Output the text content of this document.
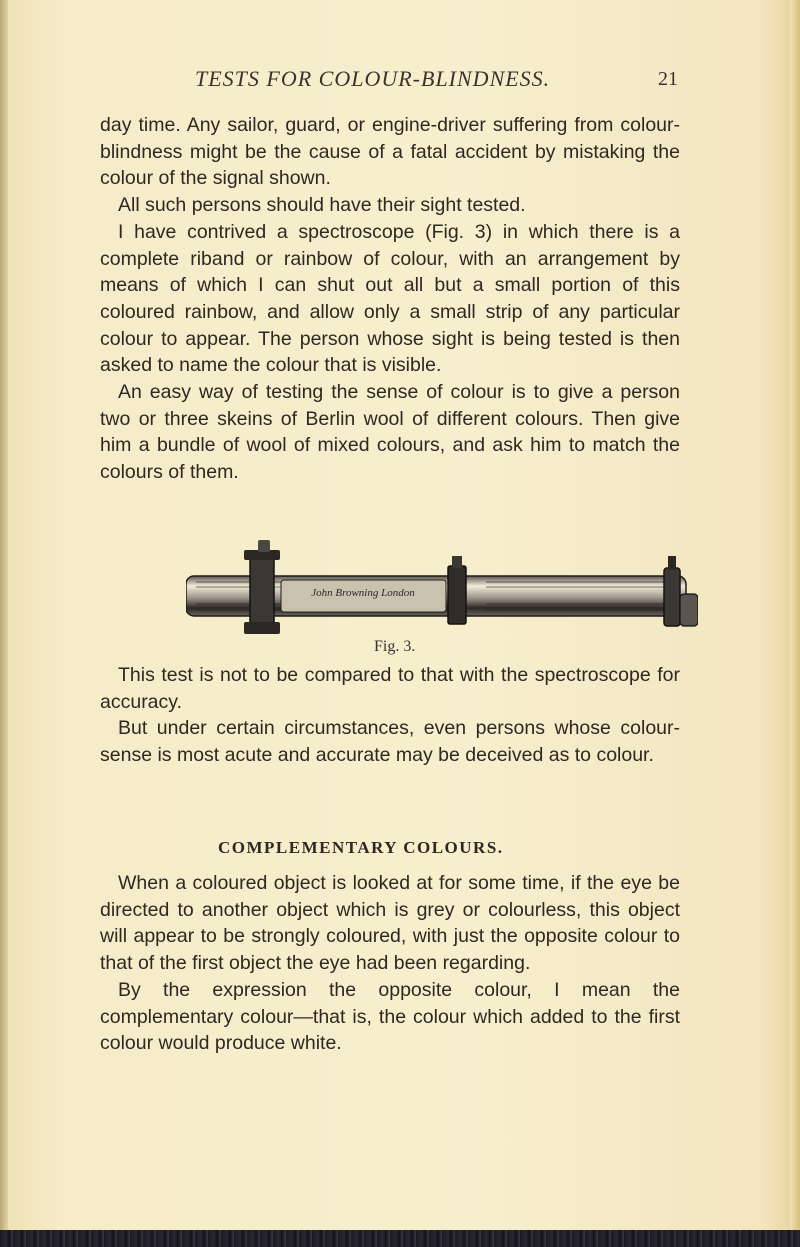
TESTS FOR COLOUR-BLINDNESS.	21

day time. Any sailor, guard, or engine-driver suffering from colour-blindness might be the cause of a fatal accident by mistaking the colour of the signal shown.

All such persons should have their sight tested.

I have contrived a spectroscope (Fig. 3) in which there is a complete riband or rainbow of colour, with an arrangement by means of which I can shut out all but a small portion of this coloured rainbow, and allow only a small strip of any particular colour to appear. The person whose sight is being tested is then asked to name the colour that is visible.

An easy way of testing the sense of colour is to give a person two or three skeins of Berlin wool of different colours. Then give him a bundle of wool of mixed colours, and ask him to match the colours of them.

John Browning London
Fig. 3.

This test is not to be compared to that with the spectroscope for accuracy.

But under certain circumstances, even persons whose colour-sense is most acute and accurate may be deceived as to colour.

COMPLEMENTARY COLOURS.

When a coloured object is looked at for some time, if the eye be directed to another object which is grey or colourless, this object will appear to be strongly coloured, with just the opposite colour to that of the first object the eye had been regarding.

By the expression the opposite colour, I mean the complementary colour—that is, the colour which added to the first colour would produce white.
